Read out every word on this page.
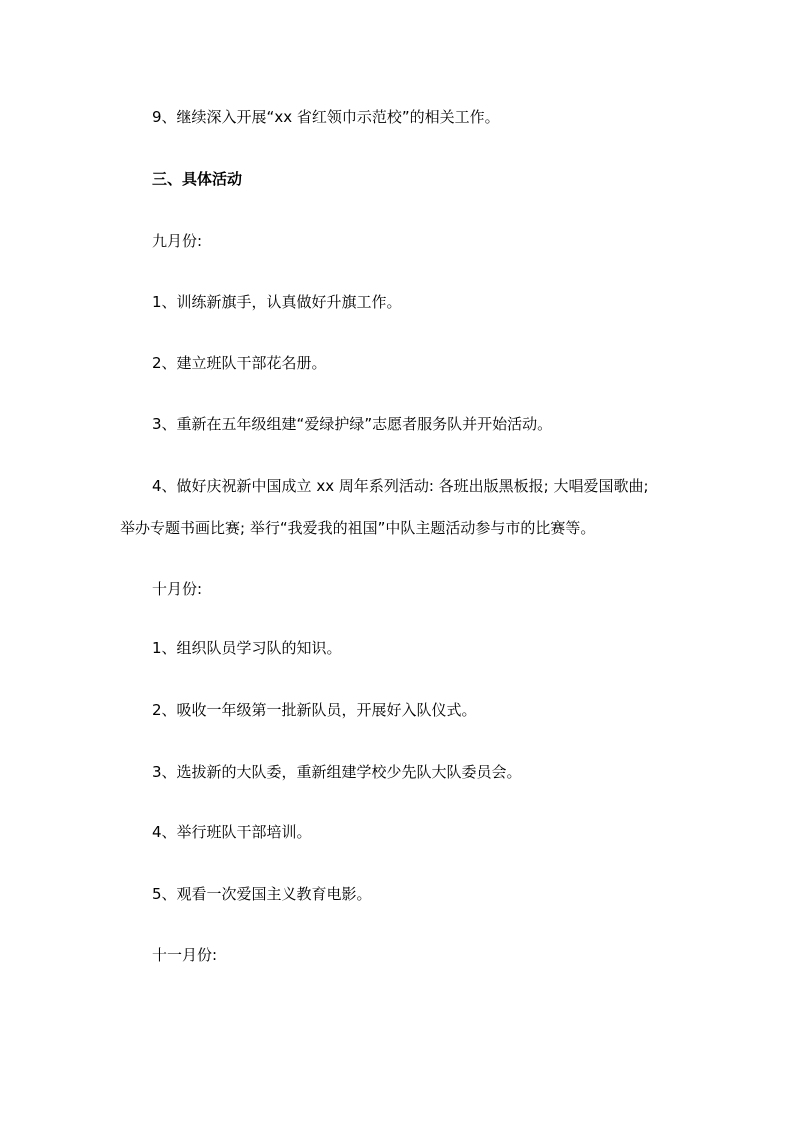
9、继续深入开展“xx 省红领巾示范校”的相关工作。
三、具体活动
九月份:
1、训练新旗手，认真做好升旗工作。
2、建立班队干部花名册。
3、重新在五年级组建“爱绿护绿”志愿者服务队并开始活动。
4、做好庆祝新中国成立 xx 周年系列活动: 各班出版黑板报; 大唱爱国歌曲;
举办专题书画比赛; 举行“我爱我的祖国”中队主题活动参与市的比赛等。
十月份:
1、组织队员学习队的知识。
2、吸收一年级第一批新队员，开展好入队仪式。
3、选拔新的大队委，重新组建学校少先队大队委员会。
4、举行班队干部培训。
5、观看一次爱国主义教育电影。
十一月份:
